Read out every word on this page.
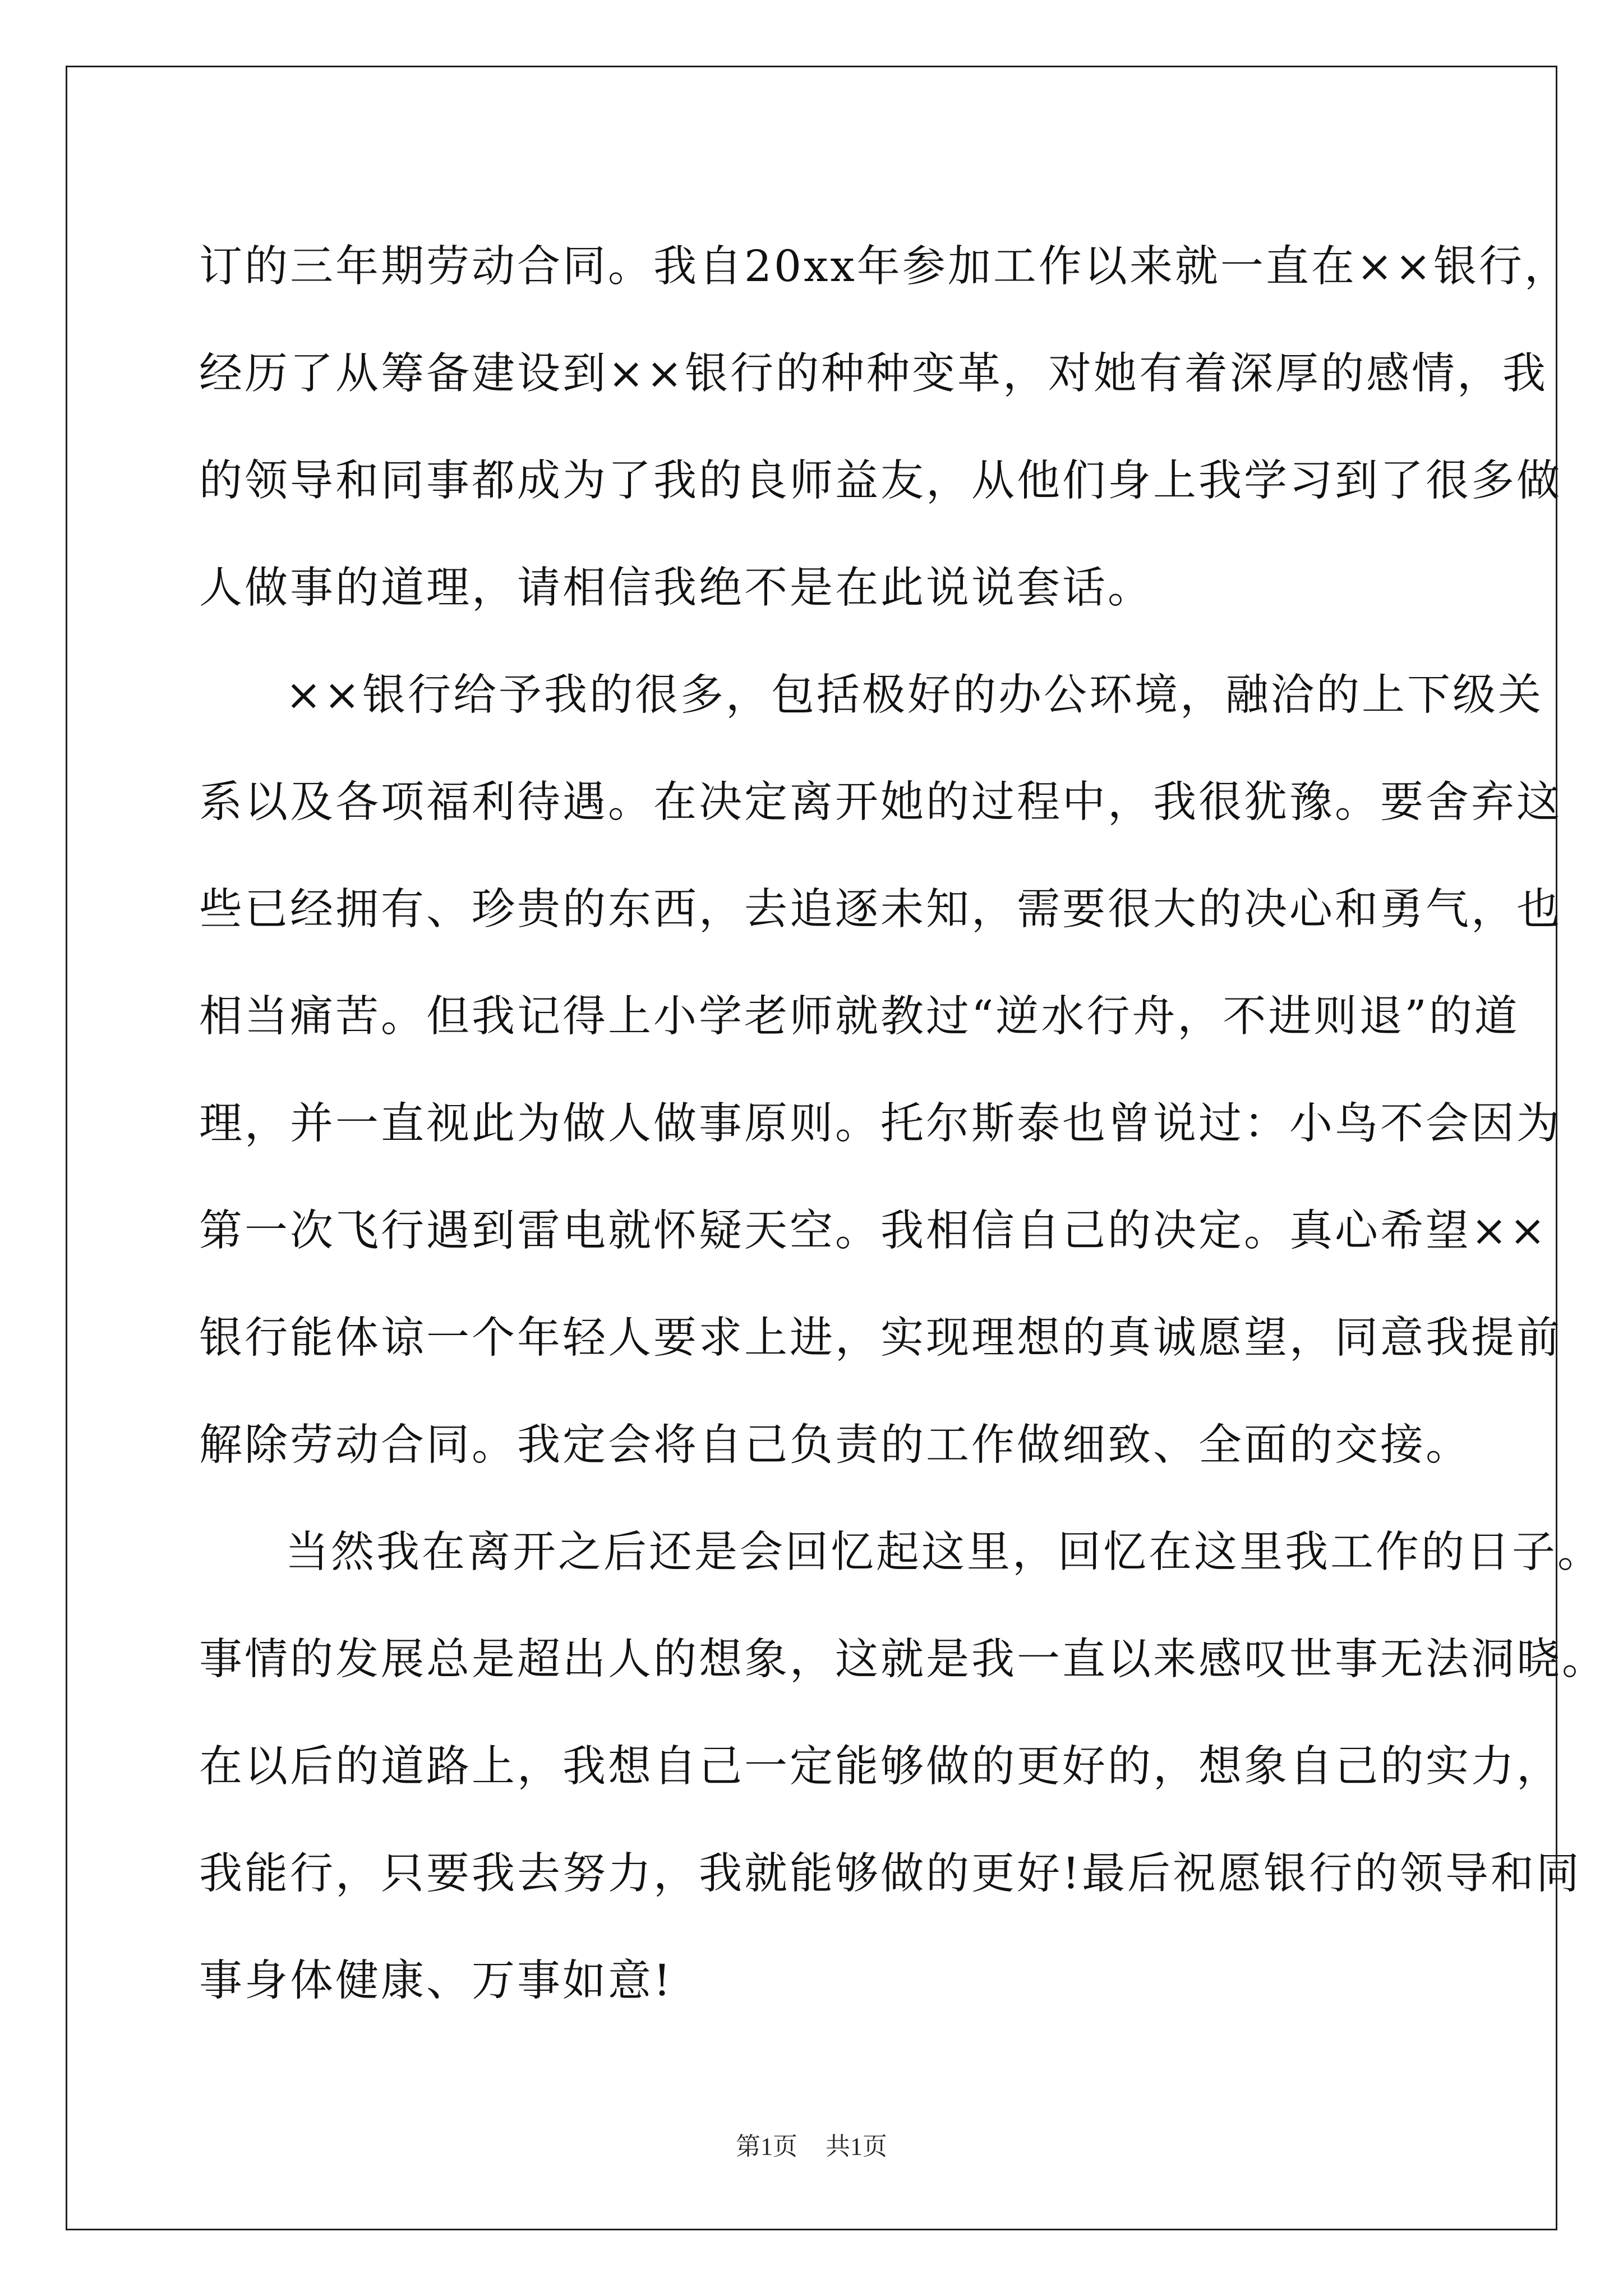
订的三年期劳动合同。我自20xx年参加工作以来就一直在××银行，
经历了从筹备建设到××银行的种种变革，对她有着深厚的感情，我
的领导和同事都成为了我的良师益友，从他们身上我学习到了很多做
人做事的道理，请相信我绝不是在此说说套话。
××银行给予我的很多，包括极好的办公环境，融洽的上下级关
系以及各项福利待遇。在决定离开她的过程中，我很犹豫。要舍弃这
些已经拥有、珍贵的东西，去追逐未知，需要很大的决心和勇气，也
相当痛苦。但我记得上小学老师就教过“逆水行舟，不进则退”的道
理，并一直视此为做人做事原则。托尔斯泰也曾说过：小鸟不会因为
第一次飞行遇到雷电就怀疑天空。我相信自己的决定。真心希望××
银行能体谅一个年轻人要求上进，实现理想的真诚愿望，同意我提前
解除劳动合同。我定会将自己负责的工作做细致、全面的交接。
当然我在离开之后还是会回忆起这里，回忆在这里我工作的日子。
事情的发展总是超出人的想象，这就是我一直以来感叹世事无法洞晓。
在以后的道路上，我想自己一定能够做的更好的，想象自己的实力，
我能行，只要我去努力，我就能够做的更好!最后祝愿银行的领导和同
事身体健康、万事如意!
第1页 共1页
